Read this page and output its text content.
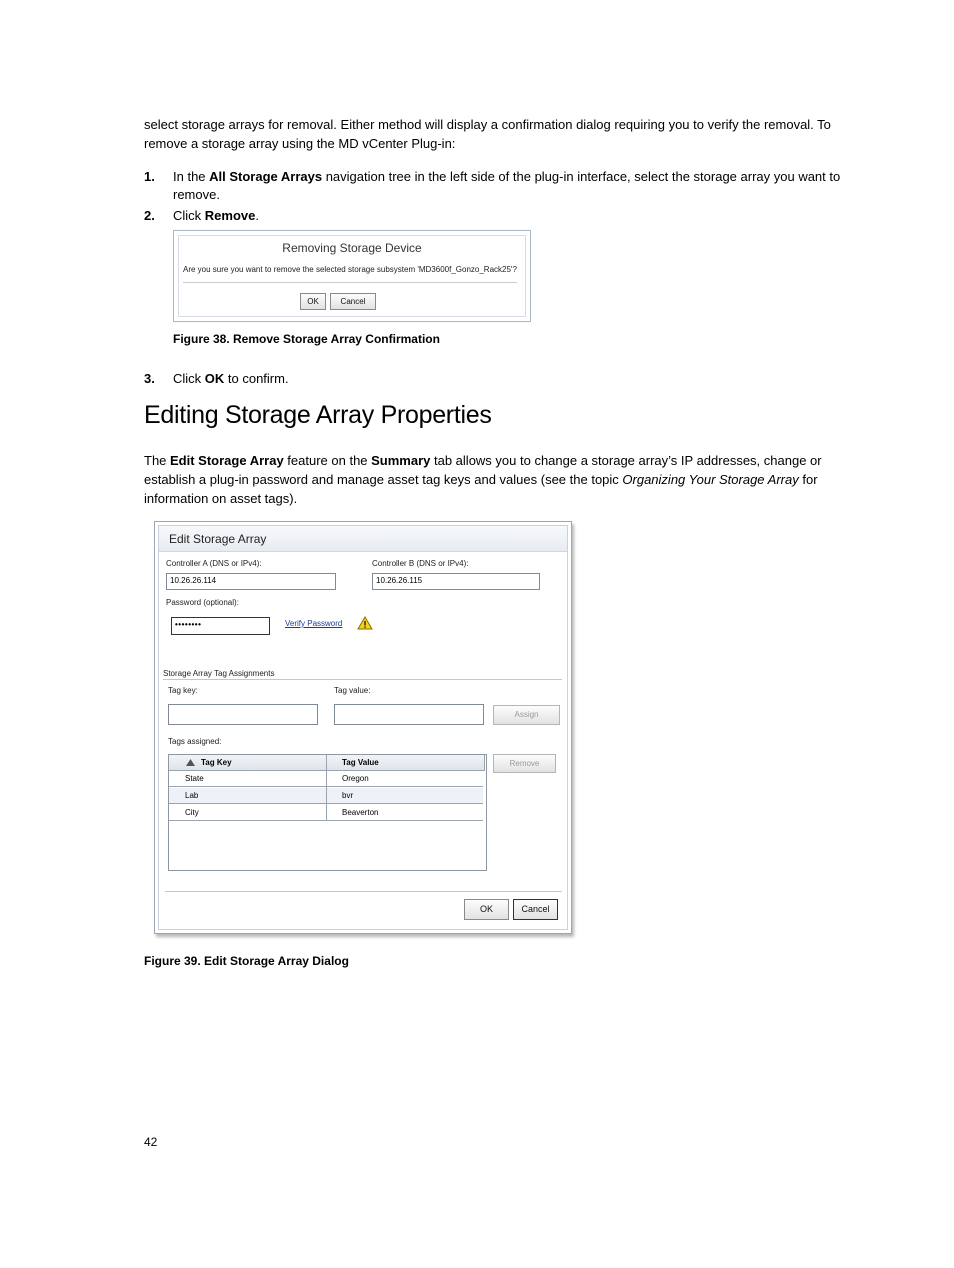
select storage arrays for removal. Either method will display a confirmation dialog requiring you to verify the removal. To remove a storage array using the MD vCenter Plug-in:
1. In the All Storage Arrays navigation tree in the left side of the plug-in interface, select the storage array you want to remove.
2. Click Remove.
Removing Storage Device
Are you sure you want to remove the selected storage subsystem 'MD3600f_Gonzo_Rack25'?
OK	Cancel
Figure 38. Remove Storage Array Confirmation
3. Click OK to confirm.
Editing Storage Array Properties
The Edit Storage Array feature on the Summary tab allows you to change a storage array’s IP addresses, change or establish a plug-in password and manage asset tag keys and values (see the topic Organizing Your Storage Array for information on asset tags).
Edit Storage Array
Controller A (DNS or IPv4):
10.26.26.114
Controller B (DNS or IPv4):
10.26.26.115
Password (optional):
••••••••	Verify Password
Storage Array Tag Assignments
Tag key:	Tag value:
Assign
Tags assigned:
Tag Key	Tag Value
State	Oregon
Lab	bvr
City	Beaverton
Remove
OK	Cancel
Figure 39. Edit Storage Array Dialog
42
